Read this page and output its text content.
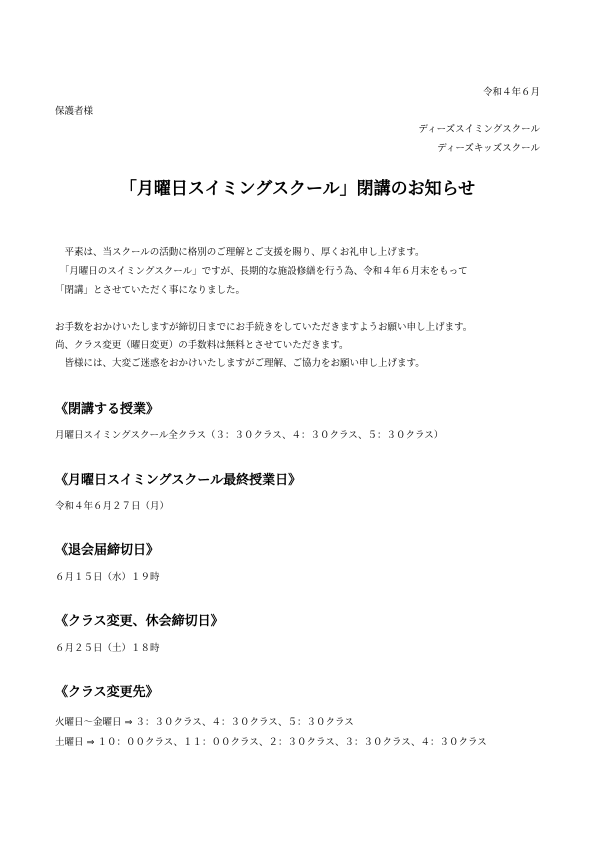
令和４年６月
保護者様
ディーズスイミングスクール
ディーズキッズスクール
「月曜日スイミングスクール」閉講のお知らせ
　平素は、当スクールの活動に格別のご理解とご支援を賜り、厚くお礼申し上げます。
　「月曜日のスイミングスクール」ですが、長期的な施設修繕を行う為、令和４年６月末をもって
「閉講」とさせていただく事になりました。
お手数をおかけいたしますが締切日までにお手続きをしていただきますようお願い申し上げます。
尚、クラス変更（曜日変更）の手数料は無料とさせていただきます。
　皆様には、大変ご迷惑をおかけいたしますがご理解、ご協力をお願い申し上げます。
《閉講する授業》
月曜日スイミングスクール全クラス（３：３０クラス、４：３０クラス、５：３０クラス）
《月曜日スイミングスクール最終授業日》
令和４年６月２７日（月）
《退会届締切日》
６月１５日（水）１９時
《クラス変更、休会締切日》
６月２５日（土）１８時
《クラス変更先》
火曜日～金曜日 ⇒ ３：３０クラス、４：３０クラス、５：３０クラス
土曜日 ⇒ １０：００クラス、１１：００クラス、２：３０クラス、３：３０クラス、４：３０クラス
